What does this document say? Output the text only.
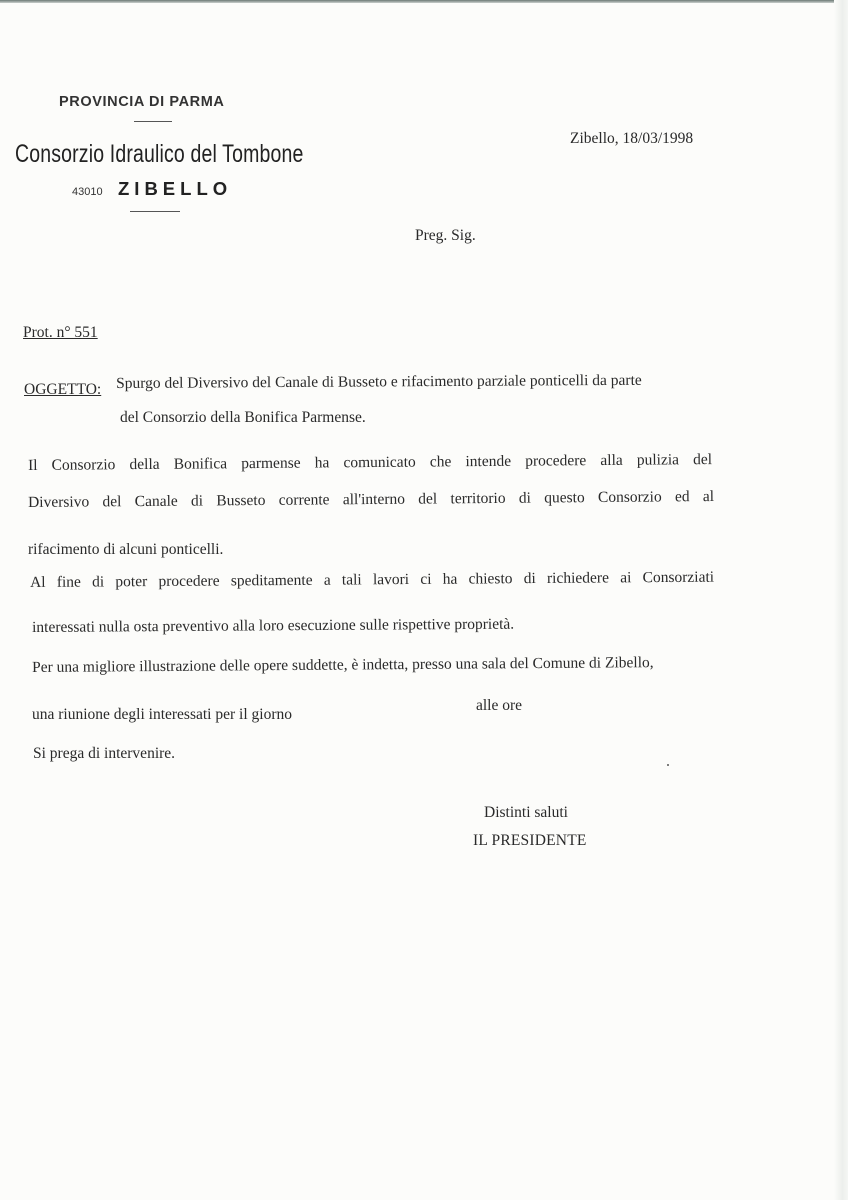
PROVINCIA DI PARMA
Consorzio Idraulico del Tombone
43010 ZIBELLO
Zibello, 18/03/1998
Preg. Sig.
Prot. n° 551
OGGETTO: Spurgo del Diversivo del Canale di Busseto e rifacimento parziale ponticelli da parte
del Consorzio della Bonifica Parmense.
Il Consorzio della Bonifica parmense ha comunicato che intende procedere alla pulizia del
Diversivo del Canale di Busseto corrente all'interno del territorio di questo Consorzio ed al
rifacimento di alcuni ponticelli.
Al fine di poter procedere speditamente a tali lavori ci ha chiesto di richiedere ai Consorziati
interessati nulla osta preventivo alla loro esecuzione sulle rispettive proprietà.
Per una migliore illustrazione delle opere suddette, è indetta, presso una sala del Comune di Zibello,
una riunione degli interessati per il giorno
alle ore
Si prega di intervenire.
Distinti saluti
IL PRESIDENTE
